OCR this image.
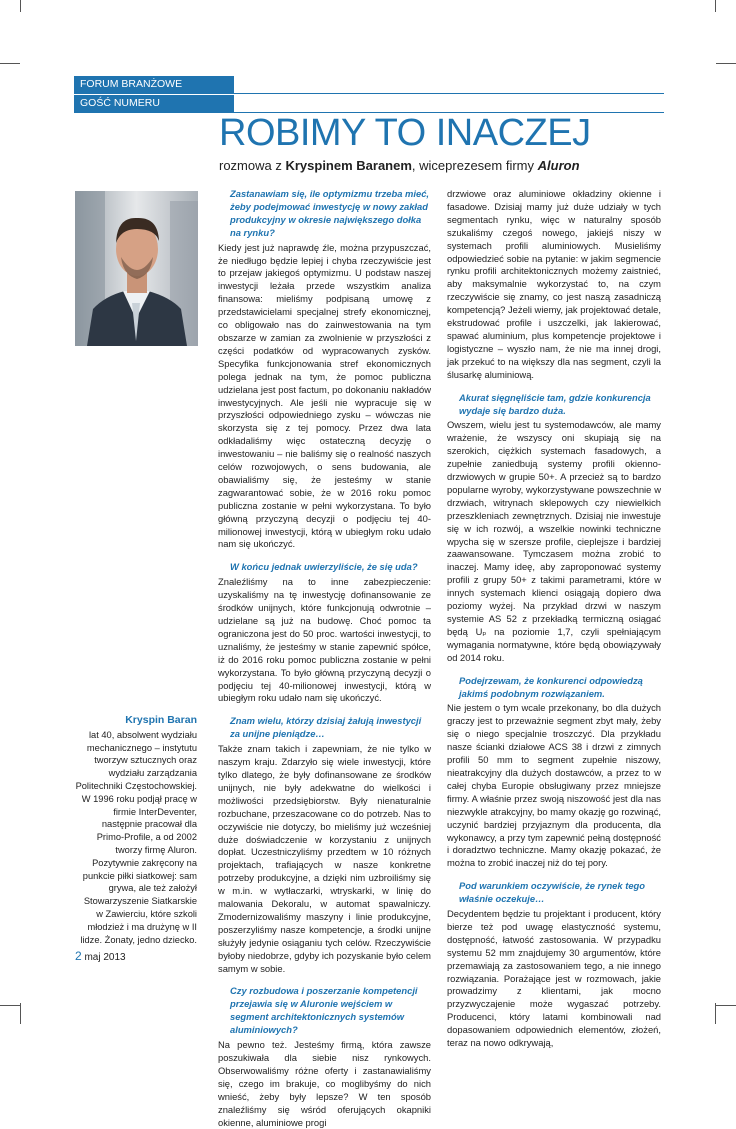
FORUM BRANŻOWE
GOŚĆ NUMERU
ROBIMY TO INACZEJ
rozmowa z Kryspinem Baranem, wiceprezesem firmy Aluron

Zastanawiam się, ile optymizmu trzeba mieć, żeby podejmować inwestycję w nowy zakład produkcyjny w okresie największego dołka na rynku?

Kiedy jest już naprawdę źle, można przypuszczać, że niedługo będzie lepiej i chyba rzeczywiście jest to przejaw jakiegoś optymizmu. U podstaw naszej inwestycji leżała przede wszystkim analiza finansowa: mieliśmy podpisaną umowę z przedstawicielami specjalnej strefy ekonomicznej, co obligowało nas do zainwestowania na tym obszarze w zamian za zwolnienie w przyszłości z części podatków od wypracowanych zysków. Specyfika funkcjonowania stref ekonomicznych polega jednak na tym, że pomoc publiczna udzielana jest post factum, po dokonaniu nakładów inwestycyjnych. Ale jeśli nie wypracuje się w przyszłości odpowiedniego zysku – wówczas nie skorzysta się z tej pomocy. Przez dwa lata odkładaliśmy więc ostateczną decyzję o inwestowaniu – nie baliśmy się o realność naszych celów rozwojowych, o sens budowania, ale obawialiśmy się, że jesteśmy w stanie zagwarantować sobie, że w 2016 roku pomoc publiczna zostanie w pełni wykorzystana. To było główną przyczyną decyzji o podjęciu tej 40-milionowej inwestycji, którą w ubiegłym roku udało nam się ukończyć.

W końcu jednak uwierzyliście, że się uda?

Znaleźliśmy na to inne zabezpieczenie: uzyskaliśmy na tę inwestycję dofinansowanie ze środków unijnych, które funkcjonują odwrotnie – udzielane są już na budowę. Choć pomoc ta ograniczona jest do 50 proc. wartości inwestycji, to uznaliśmy, że jesteśmy w stanie zapewnić spółce, iż do 2016 roku pomoc publiczna zostanie w pełni wykorzystana. To było główną przyczyną decyzji o podjęciu tej 40-milionowej inwestycji, którą w ubiegłym roku udało nam się ukończyć.

Znam wielu, którzy dzisiaj żałują inwestycji za unijne pieniądze…

Także znam takich i zapewniam, że nie tylko w naszym kraju. Zdarzyło się wiele inwestycji, które tylko dlatego, że były dofinansowane ze środków unijnych, nie były adekwatne do wielkości i możliwości przedsiębiorstw. Były nienaturalnie rozbuchane, przeszacowane co do potrzeb. Nas to oczywiście nie dotyczy, bo mieliśmy już wcześniej duże doświadczenie w korzystaniu z unijnych dopłat. Uczestniczyliśmy przedtem w 10 różnych projektach, trafiających w nasze konkretne potrzeby produkcyjne, a dzięki nim uzbroiliśmy się w m.in. w wytłaczarki, wtryskarki, w linię do malowania Dekoralu, w automat spawalniczy. Zmodernizowaliśmy maszyny i linie produkcyjne, poszerzyliśmy nasze kompetencje, a środki unijne służyły jedynie osiąganiu tych celów. Rzeczywiście byłoby niedobrze, gdyby ich pozyskanie było celem samym w sobie.

Czy rozbudowa i poszerzanie kompetencji przejawia się w Aluronie wejściem w segment architektonicznych systemów aluminiowych?

Na pewno też. Jesteśmy firmą, która zawsze poszukiwała dla siebie nisz rynkowych. Obserwowaliśmy różne oferty i zastanawialiśmy się, czego im brakuje, co moglibyśmy do nich wnieść, żeby były lepsze? W ten sposób znaleźliśmy się wśród oferujących okapniki okienne, aluminiowe progi

drzwiowe oraz aluminiowe okładziny okienne i fasadowe. Dzisiaj mamy już duże udziały w tych segmentach rynku, więc w naturalny sposób szukaliśmy czegoś nowego, jakiejś niszy w systemach profili aluminiowych. Musieliśmy odpowiedzieć sobie na pytanie: w jakim segmencie rynku profili architektonicznych możemy zaistnieć, aby maksymalnie wykorzystać to, na czym rzeczywiście się znamy, co jest naszą zasadniczą kompetencją? Jeżeli wiemy, jak projektować detale, ekstrudować profile i uszczelki, jak lakierować, spawać aluminium, plus kompetencje projektowe i logistyczne – wyszło nam, że nie ma innej drogi, jak przekuć to na większy dla nas segment, czyli la ślusarkę aluminiową.

Akurat sięgnęliście tam, gdzie konkurencja wydaje się bardzo duża.

Owszem, wielu jest tu systemodawców, ale mamy wrażenie, że wszyscy oni skupiają się na szerokich, ciężkich systemach fasadowych, a zupełnie zaniedbują systemy profili okienno-drzwiowych w grupie 50+. A przecież są to bardzo popularne wyroby, wykorzystywane powszechnie w drzwiach, witrynach sklepowych czy niewielkich przeszkleniach zewnętrznych. Dzisiaj nie inwestuje się w ich rozwój, a wszelkie nowinki techniczne wpycha się w szersze profile, cieplejsze i bardziej zaawansowane. Tymczasem można zrobić to inaczej. Mamy ideę, aby zaproponować systemy profili z grupy 50+ z takimi parametrami, które w innych systemach klienci osiągają dopiero dwa poziomy wyżej. Na przykład drzwi w naszym systemie AS 52 z przekładką termiczną osiągać będą Uₚ na poziomie 1,7, czyli spełniającym wymagania normatywne, które będą obowiązywały od 2014 roku.

Podejrzewam, że konkurenci odpowiedzą jakimś podobnym rozwiązaniem.

Nie jestem o tym wcale przekonany, bo dla dużych graczy jest to przeważnie segment zbyt mały, żeby się o niego specjalnie troszczyć. Dla przykładu nasze ścianki działowe ACS 38 i drzwi z zimnych profili 50 mm to segment zupełnie niszowy, nieatrakcyjny dla dużych dostawców, a przez to w całej chyba Europie obsługiwany przez mniejsze firmy. A właśnie przez swoją niszowość jest dla nas niezwykle atrakcyjny, bo mamy okazję go rozwinąć, uczynić bardziej przyjaznym dla producenta, dla wykonawcy, a przy tym zapewnić pełną dostępność i doradztwo techniczne. Mamy okazję pokazać, że można to zrobić inaczej niż do tej pory.

Pod warunkiem oczywiście, że rynek tego właśnie oczekuje…

Decydentem będzie tu projektant i producent, który bierze też pod uwagę elastyczność systemu, dostępność, łatwość zastosowania. W przypadku systemu 52 mm znajdujemy 30 argumentów, które przemawiają za zastosowaniem tego, a nie innego rozwiązania. Porażające jest w rozmowach, jakie prowadzimy z klientami, jak mocno przyzwyczajenie może wygaszać potrzeby. Producenci, który latami kombinowali nad dopasowaniem odpowiednich elementów, złożeń, teraz na nowo odkrywają,

Kryspin Baran
lat 40, absolwent wydziału mechanicznego – instytutu tworzyw sztucznych oraz wydziału zarządzania Politechniki Częstochowskiej. W 1996 roku podjął pracę w firmie InterDeventer, następnie pracował dla Primo-Profile, a od 2002 tworzy firmę Aluron. Pozytywnie zakręcony na punkcie piłki siatkowej: sam grywa, ale też założył Stowarzyszenie Siatkarskie w Zawierciu, które szkoli młodzież i ma drużynę w II lidze. Żonaty, jedno dziecko.
2 maj 2013
